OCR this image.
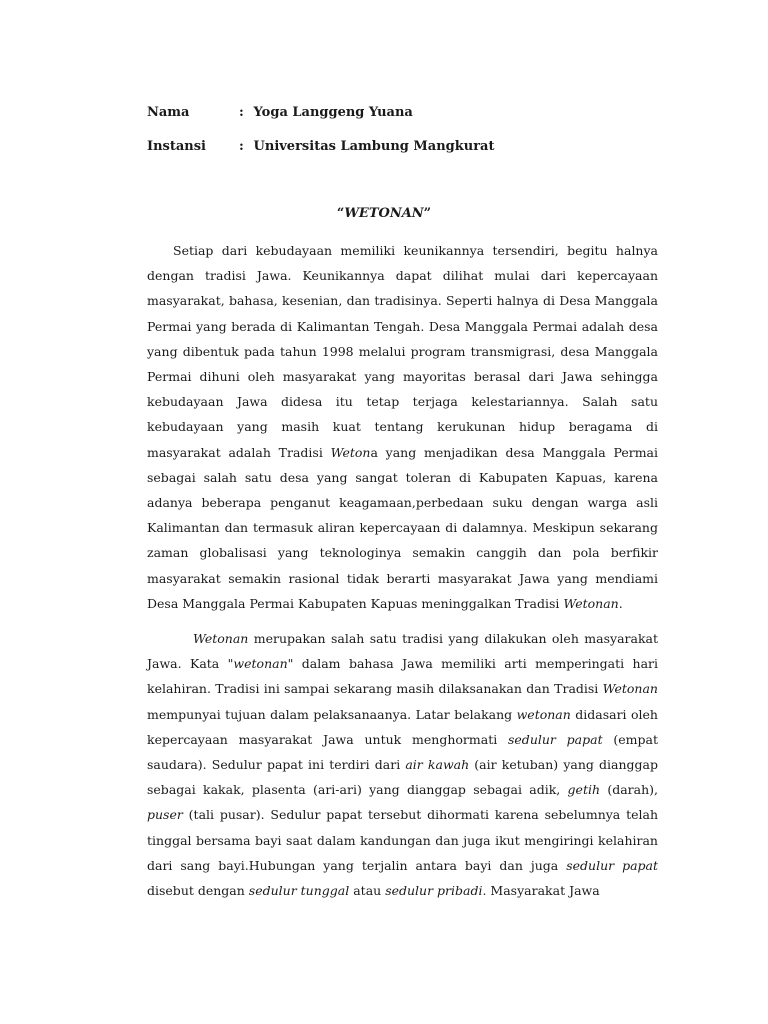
Nama	: Yoga Langgeng Yuana
Instansi	: Universitas Lambung Mangkurat
“WETONAN”

Setiap dari kebudayaan memiliki keunikannya tersendiri, begitu halnya dengan tradisi Jawa. Keunikannya dapat dilihat mulai dari kepercayaan masyarakat, bahasa, kesenian, dan tradisinya. Seperti halnya di Desa Manggala Permai yang berada di Kalimantan Tengah. Desa Manggala Permai adalah desa yang dibentuk pada tahun 1998 melalui program transmigrasi, desa Manggala Permai dihuni oleh masyarakat yang mayoritas berasal dari Jawa sehingga kebudayaan Jawa didesa itu tetap terjaga kelestariannya. Salah satu kebudayaan yang masih kuat tentang kerukunan hidup beragama di masyarakat adalah Tradisi Wetona yang menjadikan desa Manggala Permai sebagai salah satu desa yang sangat toleran di Kabupaten Kapuas, karena adanya beberapa penganut keagamaan,perbedaan suku dengan warga asli Kalimantan dan termasuk aliran kepercayaan di dalamnya. Meskipun sekarang zaman globalisasi yang teknologinya semakin canggih dan pola berfikir masyarakat semakin rasional tidak berarti masyarakat Jawa yang mendiami Desa Manggala Permai Kabupaten Kapuas meninggalkan Tradisi Wetonan.

Wetonan merupakan salah satu tradisi yang dilakukan oleh masyarakat Jawa. Kata "wetonan" dalam bahasa Jawa memiliki arti memperingati hari kelahiran. Tradisi ini sampai sekarang masih dilaksanakan dan Tradisi Wetonan mempunyai tujuan dalam pelaksanaanya. Latar belakang wetonan didasari oleh kepercayaan masyarakat Jawa untuk menghormati sedulur papat (empat saudara). Sedulur papat ini terdiri dari air kawah (air ketuban) yang dianggap sebagai kakak, plasenta (ari-ari) yang dianggap sebagai adik, getih (darah), puser (tali pusar). Sedulur papat tersebut dihormati karena sebelumnya telah tinggal bersama bayi saat dalam kandungan dan juga ikut mengiringi kelahiran dari sang bayi.Hubungan yang terjalin antara bayi dan juga sedulur papat disebut dengan sedulur tunggal atau sedulur pribadi. Masyarakat Jawa
